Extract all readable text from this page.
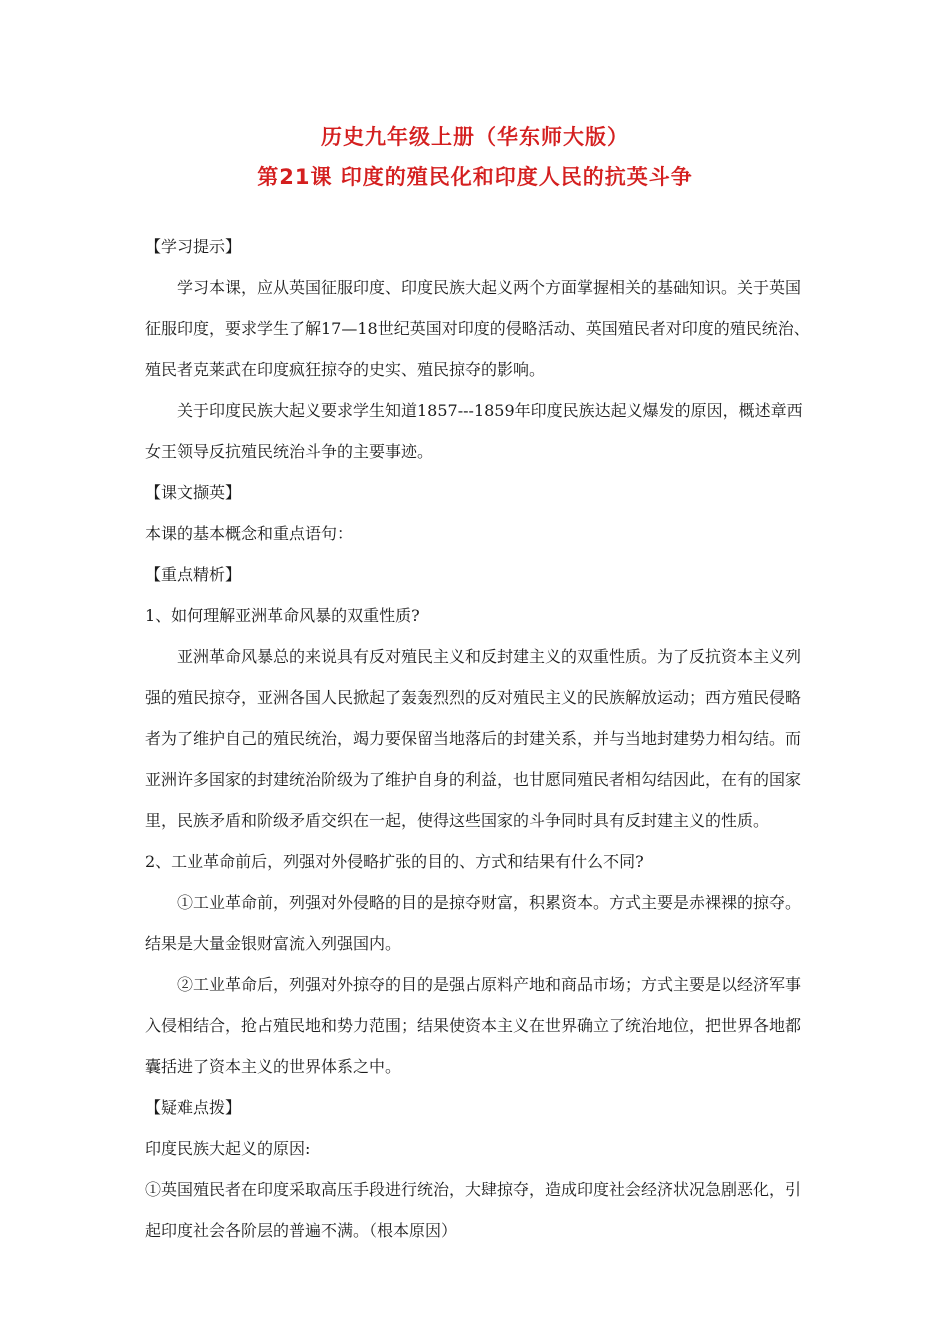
历史九年级上册（华东师大版）
第21课 印度的殖民化和印度人民的抗英斗争

【学习提示】

学习本课，应从英国征服印度、印度民族大起义两个方面掌握相关的基础知识。关于英国征服印度，要求学生了解17—18世纪英国对印度的侵略活动、英国殖民者对印度的殖民统治、殖民者克莱武在印度疯狂掠夺的史实、殖民掠夺的影响。

关于印度民族大起义要求学生知道1857---1859年印度民族达起义爆发的原因，概述章西女王领导反抗殖民统治斗争的主要事迹。

【课文撷英】

本课的基本概念和重点语句：

【重点精析】

1、如何理解亚洲革命风暴的双重性质?

亚洲革命风暴总的来说具有反对殖民主义和反封建主义的双重性质。为了反抗资本主义列强的殖民掠夺，亚洲各国人民掀起了轰轰烈烈的反对殖民主义的民族解放运动；西方殖民侵略者为了维护自己的殖民统治，竭力要保留当地落后的封建关系，并与当地封建势力相勾结。而亚洲许多国家的封建统治阶级为了维护自身的利益，也甘愿同殖民者相勾结因此，在有的国家里，民族矛盾和阶级矛盾交织在一起，使得这些国家的斗争同时具有反封建主义的性质。

2、工业革命前后，列强对外侵略扩张的目的、方式和结果有什么不同?

①工业革命前，列强对外侵略的目的是掠夺财富，积累资本。方式主要是赤裸裸的掠夺。结果是大量金银财富流入列强国内。

②工业革命后，列强对外掠夺的目的是强占原料产地和商品市场；方式主要是以经济军事入侵相结合，抢占殖民地和势力范围；结果使资本主义在世界确立了统治地位，把世界各地都囊括进了资本主义的世界体系之中。

【疑难点拨】

印度民族大起义的原因:

①英国殖民者在印度采取高压手段进行统治，大肆掠夺，造成印度社会经济状况急剧恶化，引起印度社会各阶层的普遍不满。（根本原因）
